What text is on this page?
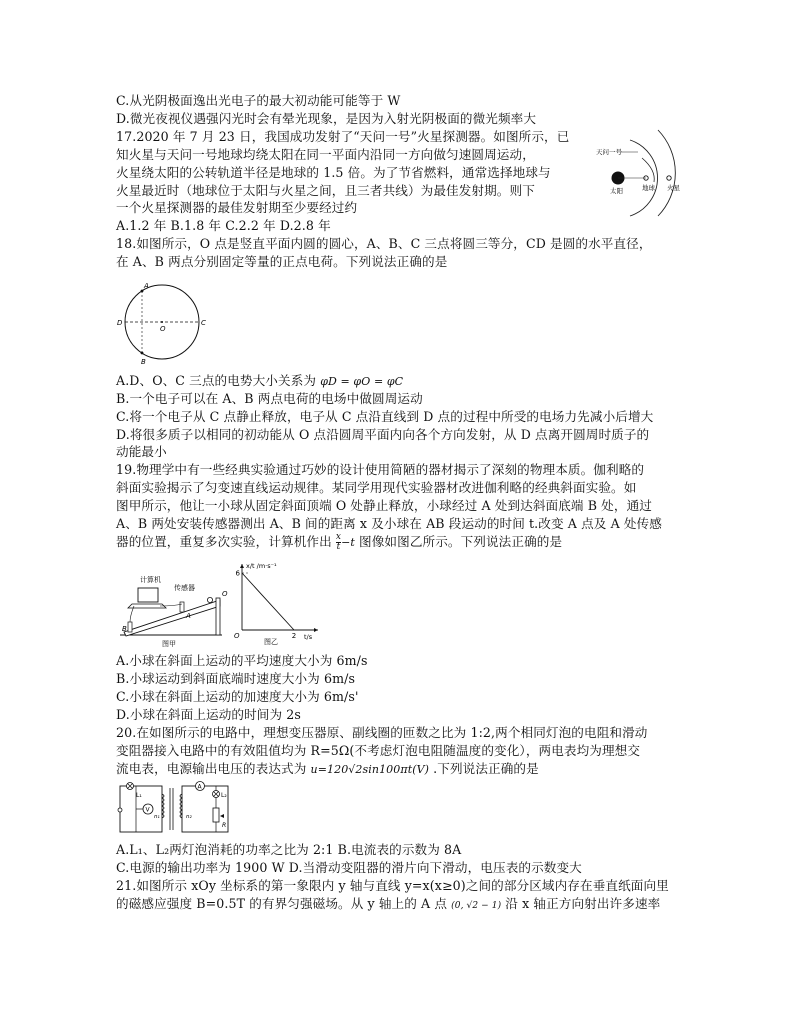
C.从光阴极面逸出光电子的最大初动能可能等于 W
D.微光夜视仪遇强闪光时会有晕光现象，是因为入射光阴极面的微光频率大
17.2020 年 7 月 23 日，我国成功发射了“天问一号”火星探测器。如图所示，已
知火星与天问一号地球均绕太阳在同一平面内沿同一方向做匀速圆周运动，
火星绕太阳的公转轨道半径是地球的 1.5 倍。为了节省燃料，通常选择地球与
火星最近时（地球位于太阳与火星之间，且三者共线）为最佳发射期。则下
一个火星探测器的最佳发射期至少要经过约
A.1.2 年 B.1.8 年 C.2.2 年 D.2.8 年
18.如图所示，O 点是竖直平面内圆的圆心，A、B、C 三点将圆三等分，CD 是圆的水平直径，
在 A、B 两点分别固定等量的正点电荷。下列说法正确的是
A.D、O、C 三点的电势大小关系为 φD = φO = φC
B.一个电子可以在 A、B 两点电荷的电场中做圆周运动
C.将一个电子从 C 点静止释放，电子从 C 点沿直线到 D 点的过程中所受的电场力先减小后增大
D.将很多质子以相同的初动能从 O 点沿圆周平面内向各个方向发射，从 D 点离开圆周时质子的
动能最小
19.物理学中有一些经典实验通过巧妙的设计使用简陋的器材揭示了深刻的物理本质。伽利略的
斜面实验揭示了匀变速直线运动规律。某同学用现代实验器材改进伽利略的经典斜面实验。如
图甲所示，他让一小球从固定斜面顶端 O 处静止释放，小球经过 A 处到达斜面底端 B 处，通过
A、B 两处安装传感器测出 A、B 间的距离 x 及小球在 AB 段运动的时间 t.改变 A 点及 A 处传感
器的位置，重复多次实验，计算机作出 $\frac{x}{t} -t$ 图像如图乙所示。下列说法正确的是
A.小球在斜面上运动的平均速度大小为 6m/s
B.小球运动到斜面底端时速度大小为 6m/s
C.小球在斜面上运动的加速度大小为 6m/s'
D.小球在斜面上运动的时间为 2s
20.在如图所示的电路中，理想变压器原、副线圈的匝数之比为 1:2,两个相同灯泡的电阻和滑动
变阻器接入电路中的有效阻值均为 R=5Ω(不考虑灯泡电阻随温度的变化），两电表均为理想交
流电表，电源输出电压的表达式为 u=120√2sin100πt(V) .下列说法正确的是
A.L₁、L₂两灯泡消耗的功率之比为 2:1 B.电流表的示数为 8A
C.电源的输出功率为 1900 W D.当滑动变阻器的滑片向下滑动，电压表的示数变大
21.如图所示 xOy 坐标系的第一象限内 y 轴与直线 y=x(x≥0)之间的部分区域内存在垂直纸面向里
的磁感应强度 B=0.5T 的有界匀强磁场。从 y 轴上的 A 点 (0, √2 − 1) 沿 x 轴正方向射出许多速率
太阳	地球 火星
天问一号
A
B
C
D
O
计算机
传感器
A
B
O
图甲
6
2
x/t /m·s⁻¹
t/s
O
图乙
L₁
V
A
L₂
n₁	n₂
R
